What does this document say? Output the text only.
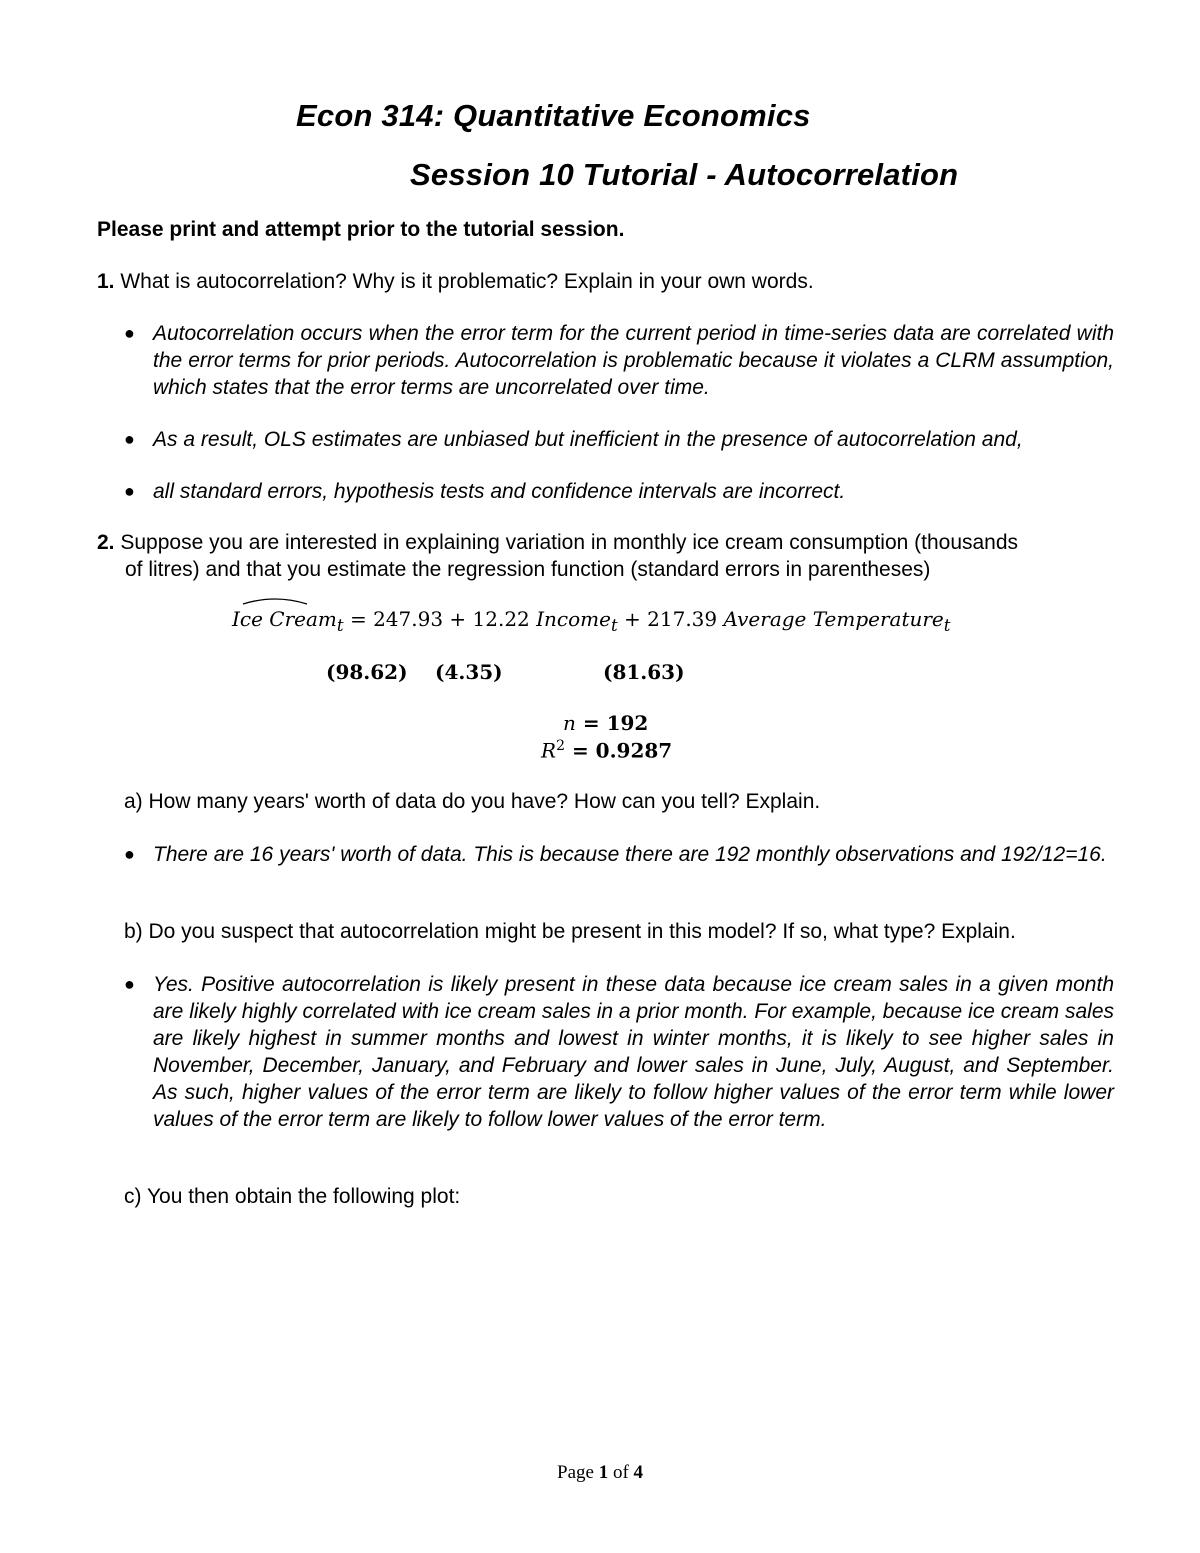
Econ 314: Quantitative Economics
Session 10 Tutorial - Autocorrelation
Please print and attempt prior to the tutorial session.
1. What is autocorrelation? Why is it problematic? Explain in your own words.
● Autocorrelation occurs when the error term for the current period in time-series data are correlated with the error terms for prior periods. Autocorrelation is problematic because it violates a CLRM assumption, which states that the error terms are uncorrelated over time.
● As a result, OLS estimates are unbiased but inefficient in the presence of autocorrelation and,
● all standard errors, hypothesis tests and confidence intervals are incorrect.
2. Suppose you are interested in explaining variation in monthly ice cream consumption (thousands
of litres) and that you estimate the regression function (standard errors in parentheses)
Ice Cream$_t$ = 247.93 + 12.22 Income$_t$ + 217.39 Average Temperature$_t$
(98.62) (4.35)	(81.63)
n = 192
$R^2 = 0.9287$
a) How many years' worth of data do you have? How can you tell? Explain.
● There are 16 years' worth of data. This is because there are 192 monthly observations and 192/12=16.
b) Do you suspect that autocorrelation might be present in this model? If so, what type? Explain.
● Yes. Positive autocorrelation is likely present in these data because ice cream sales in a given month are likely highly correlated with ice cream sales in a prior month. For example, because ice cream sales are likely highest in summer months and lowest in winter months, it is likely to see higher sales in November, December, January, and February and lower sales in June, July, August, and September. As such, higher values of the error term are likely to follow higher values of the error term while lower values of the error term are likely to follow lower values of the error term.
c) You then obtain the following plot:
Page 1 of 4
